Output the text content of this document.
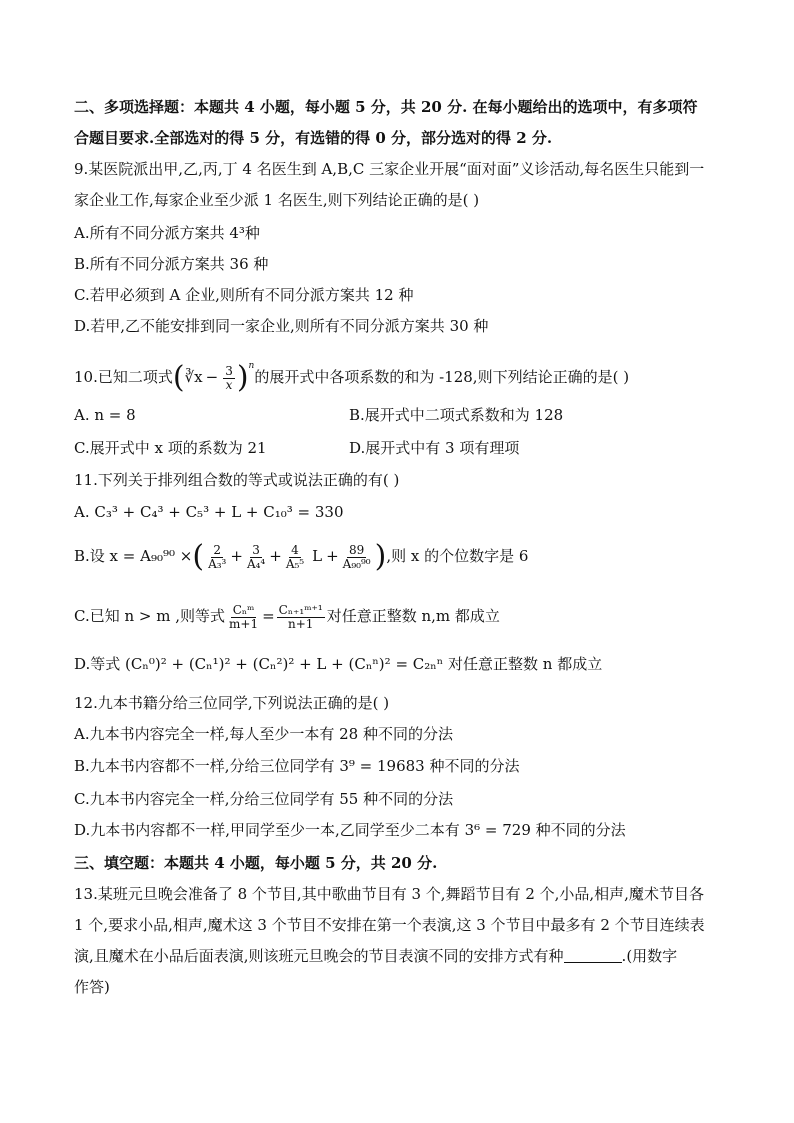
二、多项选择题：本题共 4 小题，每小题 5 分，共 20 分. 在每小题给出的选项中，有多项符
合题目要求.全部选对的得 5 分，有选错的得 0 分，部分选对的得 2 分.
9.某医院派出甲,乙,丙,丁 4 名医生到 A,B,C 三家企业开展“面对面”义诊活动,每名医生只能到一
家企业工作,每家企业至少派 1 名医生,则下列结论正确的是( )
A.所有不同分派方案共 4³种
B.所有不同分派方案共 36 种
C.若甲必须到 A 企业,则所有不同分派方案共 12 种
D.若甲,乙不能安排到同一家企业,则所有不同分派方案共 30 种
10.已知二项式(∛x − $\frac{3}{x} )^n$的展开式中各项系数的和为 -128,则下列结论正确的是( )
A. n = 8	B.展开式中二项式系数和为 128
C.展开式中 x 项的系数为 21	D.展开式中有 3 项有理项
11.下列关于排列组合数的等式或说法正确的有( )
A. C₃³ + C₄³ + C₅³ + L + C₁₀³ = 330
B.设 x = A₉₀⁹⁰ ×( $\frac{2}{\text{A₃³}} + \frac{3}{\text{A₄⁴}} + \frac{4}{\text{A₅⁵}}$ $L + \frac{89}{\text{A₉₀⁹⁰}}$ ),则 x 的个位数字是 6
C.已知 n > m ,则等式 $\frac{\text{Cₙᵐ}}{m+1} = \frac{\text{Cₙ₊₁ᵐ⁺¹}}{n+1}$ 对任意正整数 n,m 都成立
D.等式 (Cₙ⁰)² + (Cₙ¹)² + (Cₙ²)² + L + (Cₙⁿ)² = C₂ₙⁿ 对任意正整数 n 都成立
12.九本书籍分给三位同学,下列说法正确的是( )
A.九本书内容完全一样,每人至少一本有 28 种不同的分法
B.九本书内容都不一样,分给三位同学有 3⁹ = 19683 种不同的分法
C.九本书内容完全一样,分给三位同学有 55 种不同的分法
D.九本书内容都不一样,甲同学至少一本,乙同学至少二本有 3⁶ = 729 种不同的分法
三、填空题：本题共 4 小题，每小题 5 分，共 20 分.
13.某班元旦晚会准备了 8 个节目,其中歌曲节目有 3 个,舞蹈节目有 2 个,小品,相声,魔术节目各
1 个,要求小品,相声,魔术这 3 个节目不安排在第一个表演,这 3 个节目中最多有 2 个节目连续表
演,且魔术在小品后面表演,则该班元旦晚会的节目表演不同的安排方式有种	.(用数字
作答)
